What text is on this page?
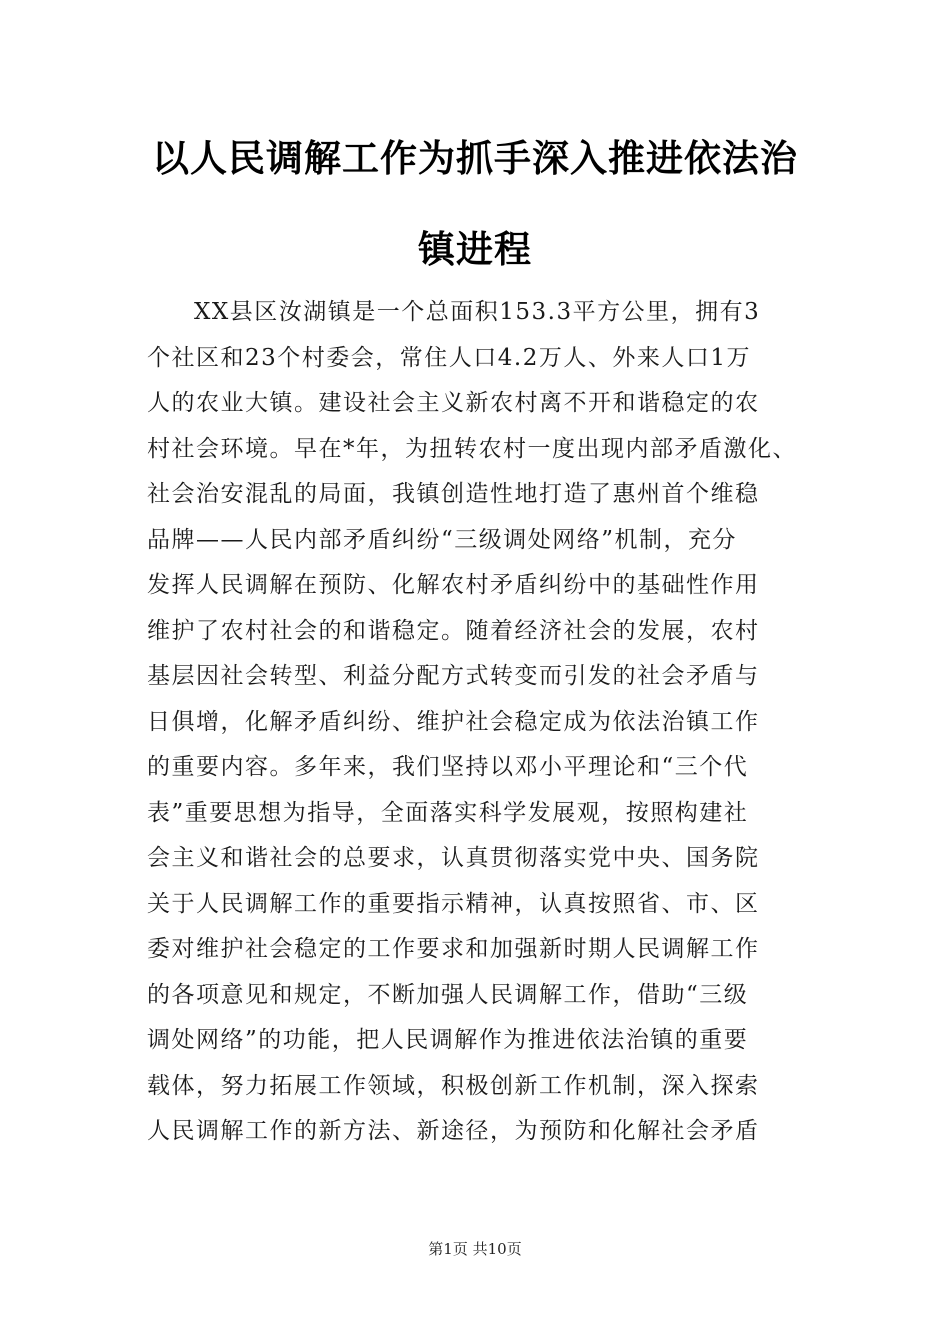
以人民调解工作为抓手深入推进依法治
镇进程
XX县区汝湖镇是一个总面积153.3平方公里，拥有3
个社区和23个村委会，常住人口4.2万人、外来人口1万
人的农业大镇。建设社会主义新农村离不开和谐稳定的农
村社会环境。早在*年，为扭转农村一度出现内部矛盾激化、
社会治安混乱的局面，我镇创造性地打造了惠州首个维稳
品牌——人民内部矛盾纠纷“三级调处网络”机制，充分
发挥人民调解在预防、化解农村矛盾纠纷中的基础性作用
维护了农村社会的和谐稳定。随着经济社会的发展，农村
基层因社会转型、利益分配方式转变而引发的社会矛盾与
日俱增，化解矛盾纠纷、维护社会稳定成为依法治镇工作
的重要内容。多年来，我们坚持以邓小平理论和“三个代
表”重要思想为指导，全面落实科学发展观，按照构建社
会主义和谐社会的总要求，认真贯彻落实党中央、国务院
关于人民调解工作的重要指示精神，认真按照省、市、区
委对维护社会稳定的工作要求和加强新时期人民调解工作
的各项意见和规定，不断加强人民调解工作，借助“三级
调处网络”的功能，把人民调解作为推进依法治镇的重要
载体，努力拓展工作领域，积极创新工作机制，深入探索
人民调解工作的新方法、新途径，为预防和化解社会矛盾
第1页 共10页
